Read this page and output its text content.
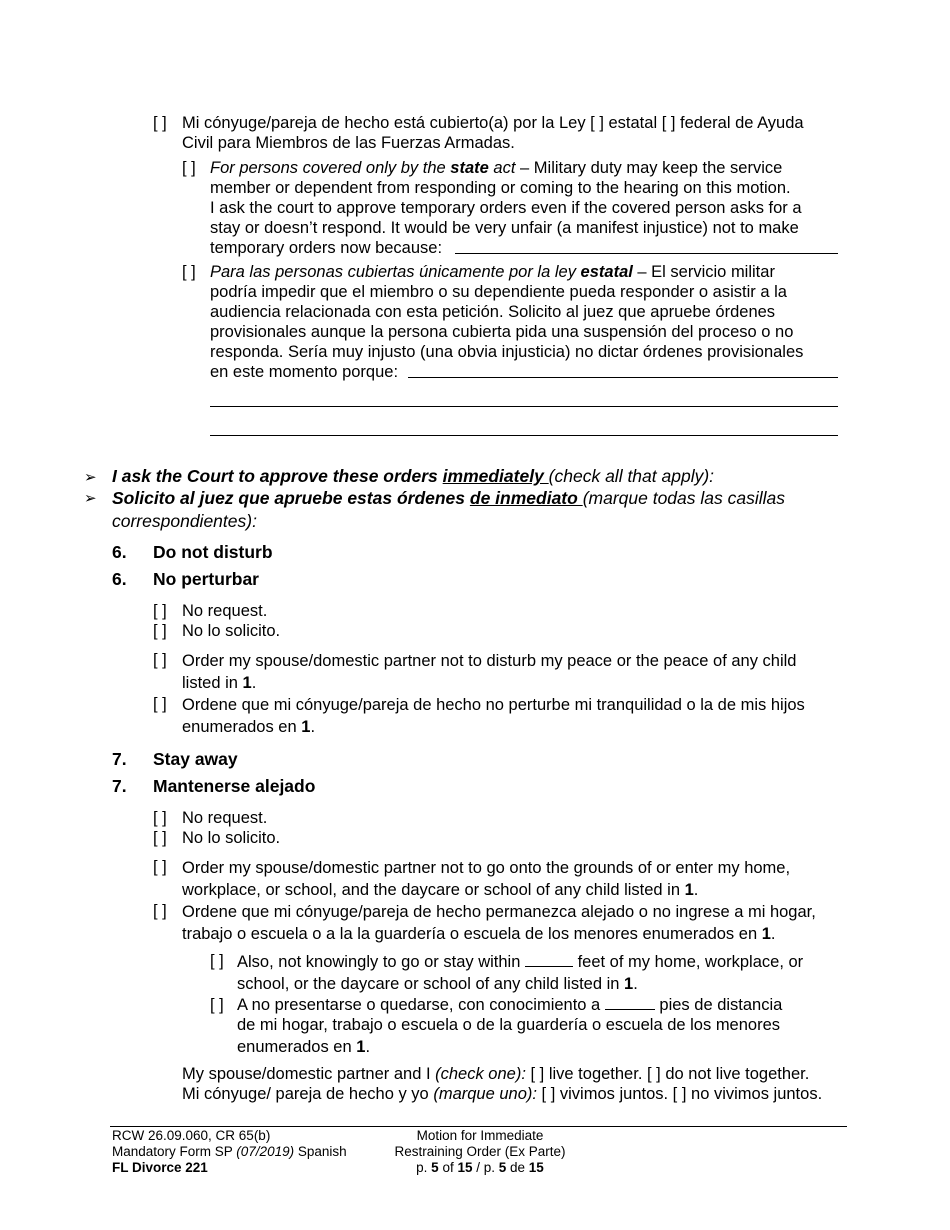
[ ] Mi cónyuge/pareja de hecho está cubierto(a) por la Ley [ ] estatal [ ] federal de Ayuda
Civil para Miembros de las Fuerzas Armadas.
[ ] For persons covered only by the state act – Military duty may keep the service
member or dependent from responding or coming to the hearing on this motion.
I ask the court to approve temporary orders even if the covered person asks for a
stay or doesn’t respond. It would be very unfair (a manifest injustice) not to make
temporary orders now because:
[ ] Para las personas cubiertas únicamente por la ley estatal – El servicio militar
podría impedir que el miembro o su dependiente pueda responder o asistir a la
audiencia relacionada con esta petición. Solicito al juez que apruebe órdenes
provisionales aunque la persona cubierta pida una suspensión del proceso o no
responda. Sería muy injusto (una obvia injusticia) no dictar órdenes provisionales
en este momento porque:
➢ I ask the Court to approve these orders immediately (check all that apply):
➢ Solicito al juez que apruebe estas órdenes de inmediato (marque todas las casillas
correspondientes):
6. Do not disturb
6. No perturbar
[ ] No request.
[ ] No lo solicito.
[ ] Order my spouse/domestic partner not to disturb my peace or the peace of any child
listed in 1.
[ ] Ordene que mi cónyuge/pareja de hecho no perturbe mi tranquilidad o la de mis hijos
enumerados en 1.
7. Stay away
7. Mantenerse alejado
[ ] No request.
[ ] No lo solicito.
[ ] Order my spouse/domestic partner not to go onto the grounds of or enter my home,
workplace, or school, and the daycare or school of any child listed in 1.
[ ] Ordene que mi cónyuge/pareja de hecho permanezca alejado o no ingrese a mi hogar,
trabajo o escuela o a la la guardería o escuela de los menores enumerados en 1.
[ ] Also, not knowingly to go or stay within	feet of my home, workplace, or
school, or the daycare or school of any child listed in 1.
[ ] A no presentarse o quedarse, con conocimiento a	pies de distancia
de mi hogar, trabajo o escuela o de la guardería o escuela de los menores
enumerados en 1.
My spouse/domestic partner and I (check one): [ ] live together. [ ] do not live together.
Mi cónyuge/ pareja de hecho y yo (marque uno): [ ] vivimos juntos. [ ] no vivimos juntos.
RCW 26.09.060, CR 65(b)
Mandatory Form SP (07/2019) Spanish
FL Divorce 221
Motion for Immediate
Restraining Order (Ex Parte)
p. 5 of 15 / p. 5 de 15
